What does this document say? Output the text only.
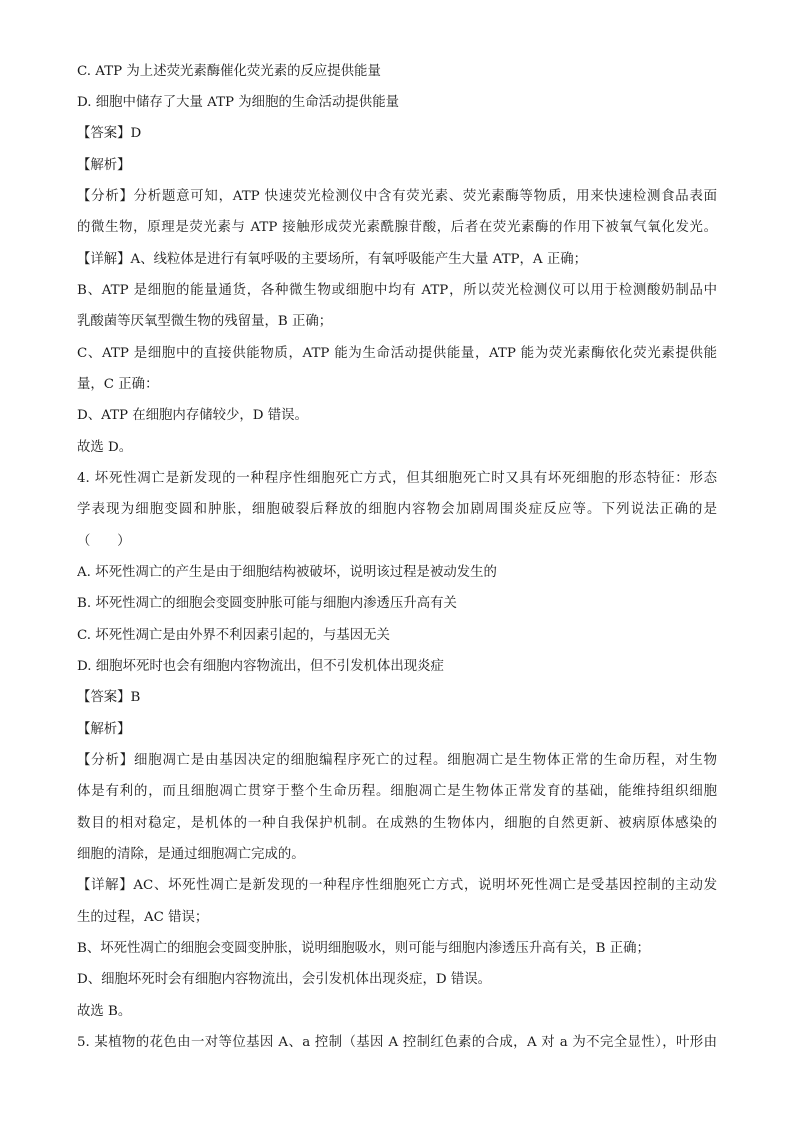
C. ATP 为上述荧光素酶催化荧光素的反应提供能量
D. 细胞中储存了大量 ATP 为细胞的生命活动提供能量
【答案】D
【解析】
【分析】分析题意可知，ATP 快速荧光检测仪中含有荧光素、荧光素酶等物质，用来快速检测食品表面
的微生物，原理是荧光素与 ATP 接触形成荧光素酰腺苷酸，后者在荧光素酶的作用下被氧气氧化发光。
【详解】A、线粒体是进行有氧呼吸的主要场所，有氧呼吸能产生大量 ATP，A 正确；
B、ATP 是细胞的能量通货，各种微生物或细胞中均有 ATP，所以荧光检测仪可以用于检测酸奶制品中
乳酸菌等厌氧型微生物的残留量，B 正确；
C、ATP 是细胞中的直接供能物质，ATP 能为生命活动提供能量，ATP 能为荧光素酶依化荧光素提供能
量，C 正确：
D、ATP 在细胞内存储较少，D 错误。
故选 D。
4. 坏死性凋亡是新发现的一种程序性细胞死亡方式，但其细胞死亡时又具有坏死细胞的形态特征：形态
学表现为细胞变圆和肿胀，细胞破裂后释放的细胞内容物会加剧周围炎症反应等。下列说法正确的是
（　　）
A. 坏死性凋亡的产生是由于细胞结构被破坏，说明该过程是被动发生的
B. 坏死性凋亡的细胞会变圆变肿胀可能与细胞内渗透压升高有关
C. 坏死性凋亡是由外界不利因素引起的，与基因无关
D. 细胞坏死时也会有细胞内容物流出，但不引发机体出现炎症
【答案】B
【解析】
【分析】细胞凋亡是由基因决定的细胞编程序死亡的过程。细胞凋亡是生物体正常的生命历程，对生物
体是有利的，而且细胞凋亡贯穿于整个生命历程。细胞凋亡是生物体正常发育的基础，能维持组织细胞
数目的相对稳定，是机体的一种自我保护机制。在成熟的生物体内，细胞的自然更新、被病原体感染的
细胞的清除，是通过细胞凋亡完成的。
【详解】AC、坏死性凋亡是新发现的一种程序性细胞死亡方式，说明坏死性凋亡是受基因控制的主动发
生的过程，AC 错误；
B、坏死性凋亡的细胞会变圆变肿胀，说明细胞吸水，则可能与细胞内渗透压升高有关，B 正确；
D、细胞坏死时会有细胞内容物流出，会引发机体出现炎症，D 错误。
故选 B。
5. 某植物的花色由一对等位基因 A、a 控制（基因 A 控制红色素的合成，A 对 a 为不完全显性），叶形由
